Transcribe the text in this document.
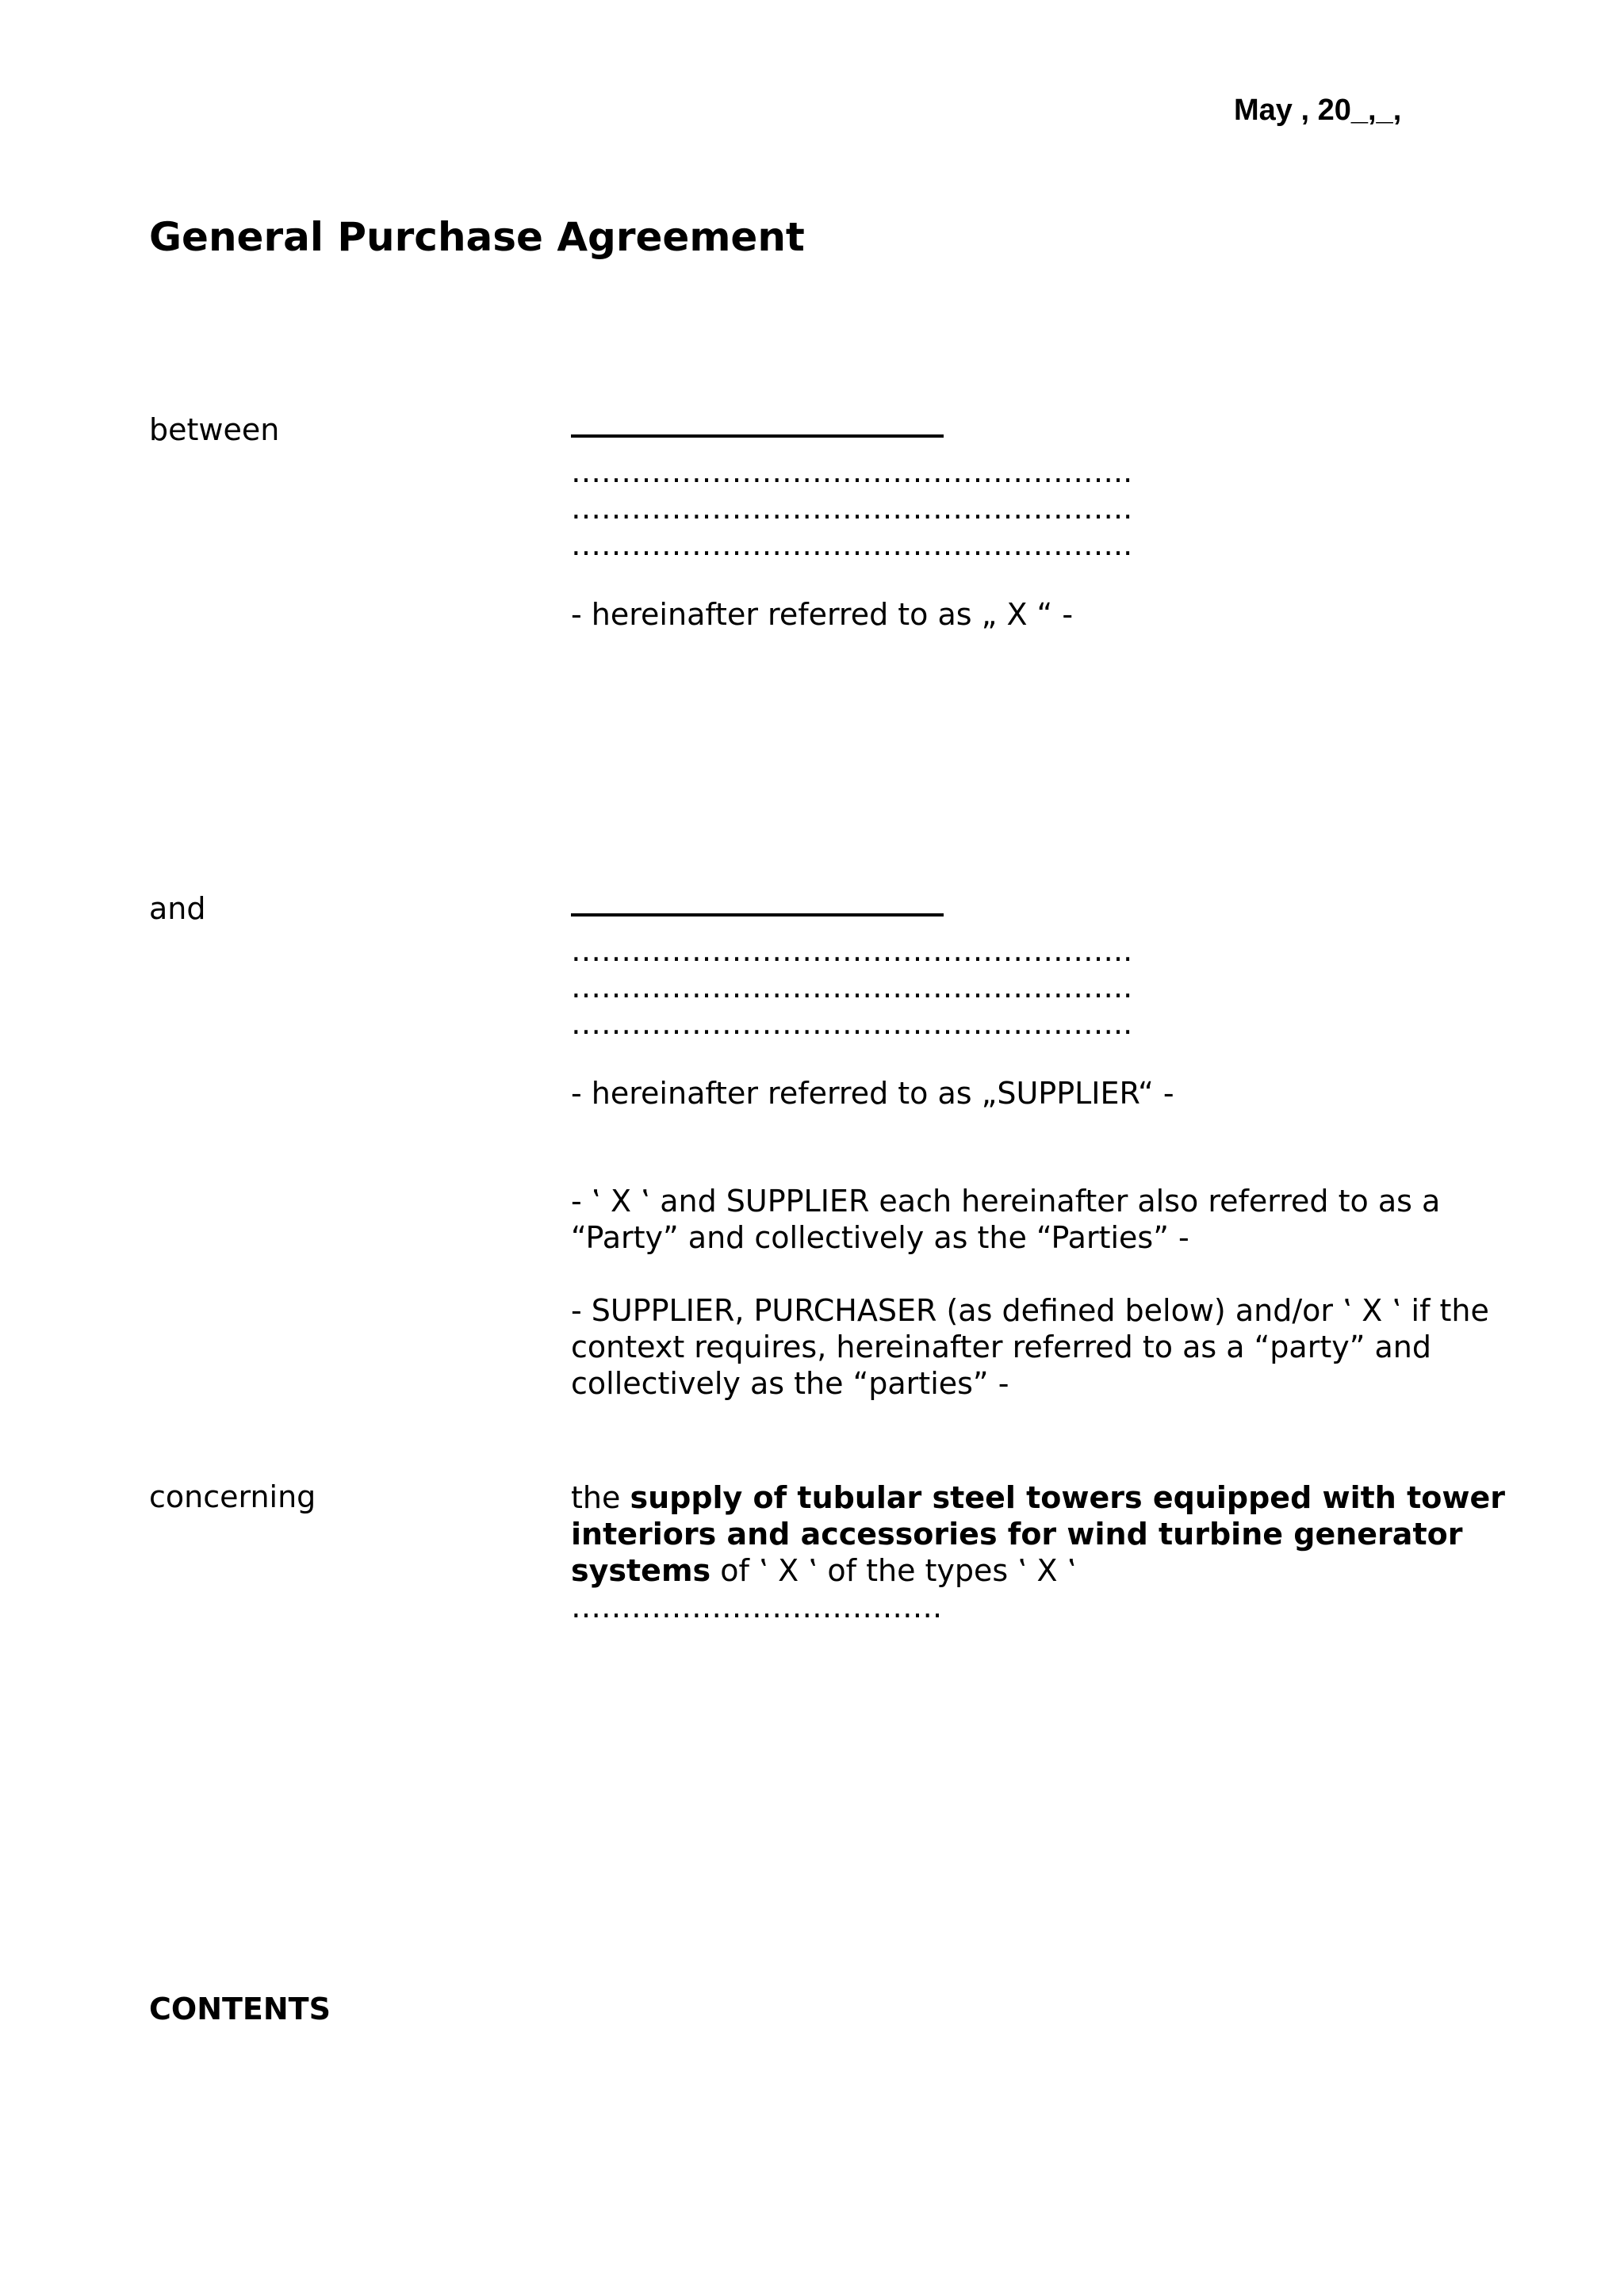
May , 20_,_,
General Purchase Agreement
between
………………………………………………..
………………………………………………..
………………………………………………..
- hereinafter referred to as „ X “ -
and
………………………………………………..
………………………………………………..
………………………………………………..
- hereinafter referred to as „SUPPLIER“ -
- ‛ X ‛ and SUPPLIER each hereinafter also referred to as a “Party” and collectively as the “Parties” -
- SUPPLIER, PURCHASER (as defined below) and/or ‛ X ‛ if the context requires, hereinafter referred to as a “party” and collectively as the “parties” -
concerning	the supply of tubular steel towers equipped with tower interiors and accessories for wind turbine generator systems of ‛ X ‛ of the types ‛ X ‛
……………………………….
CONTENTS
